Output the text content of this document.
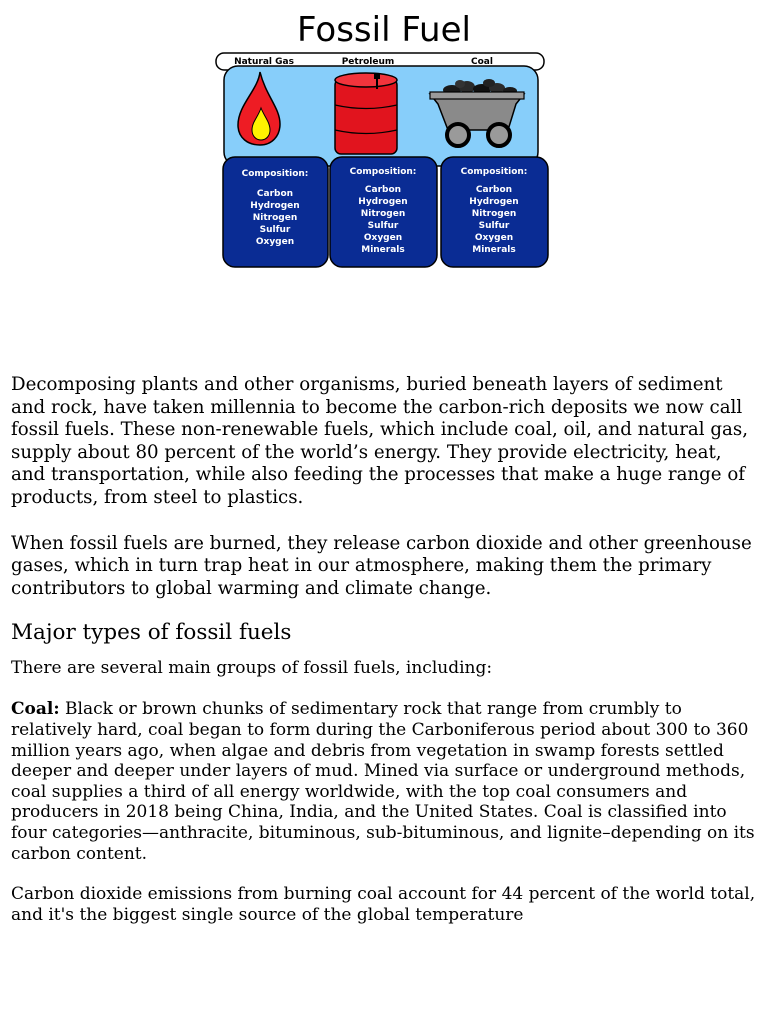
Fossil Fuel
Natural Gas	Petroleum	Coal
Composition:
Carbon
Hydrogen
Nitrogen
Sulfur
Oxygen
Composition:
Carbon
Hydrogen
Nitrogen
Sulfur
Oxygen
Minerals
Composition:
Carbon
Hydrogen
Nitrogen
Sulfur
Oxygen
Minerals

Decomposing plants and other organisms, buried beneath layers of sediment and rock, have taken millennia to become the carbon-rich deposits we now call fossil fuels. These non-renewable fuels, which include coal, oil, and natural gas, supply about 80 percent of the world’s energy. They provide electricity, heat, and transportation, while also feeding the processes that make a huge range of products, from steel to plastics.

When fossil fuels are burned, they release carbon dioxide and other greenhouse gases, which in turn trap heat in our atmosphere, making them the primary contributors to global warming and climate change.

Major types of fossil fuels

There are several main groups of fossil fuels, including:

Coal: Black or brown chunks of sedimentary rock that range from crumbly to relatively hard, coal began to form during the Carboniferous period about 300 to 360 million years ago, when algae and debris from vegetation in swamp forests settled deeper and deeper under layers of mud. Mined via surface or underground methods, coal supplies a third of all energy worldwide, with the top coal consumers and producers in 2018 being China, India, and the United States. Coal is classified into four categories—anthracite, bituminous, sub-bituminous, and lignite–depending on its carbon content.

Carbon dioxide emissions from burning coal account for 44 percent of the world total, and it's the biggest single source of the global temperature
